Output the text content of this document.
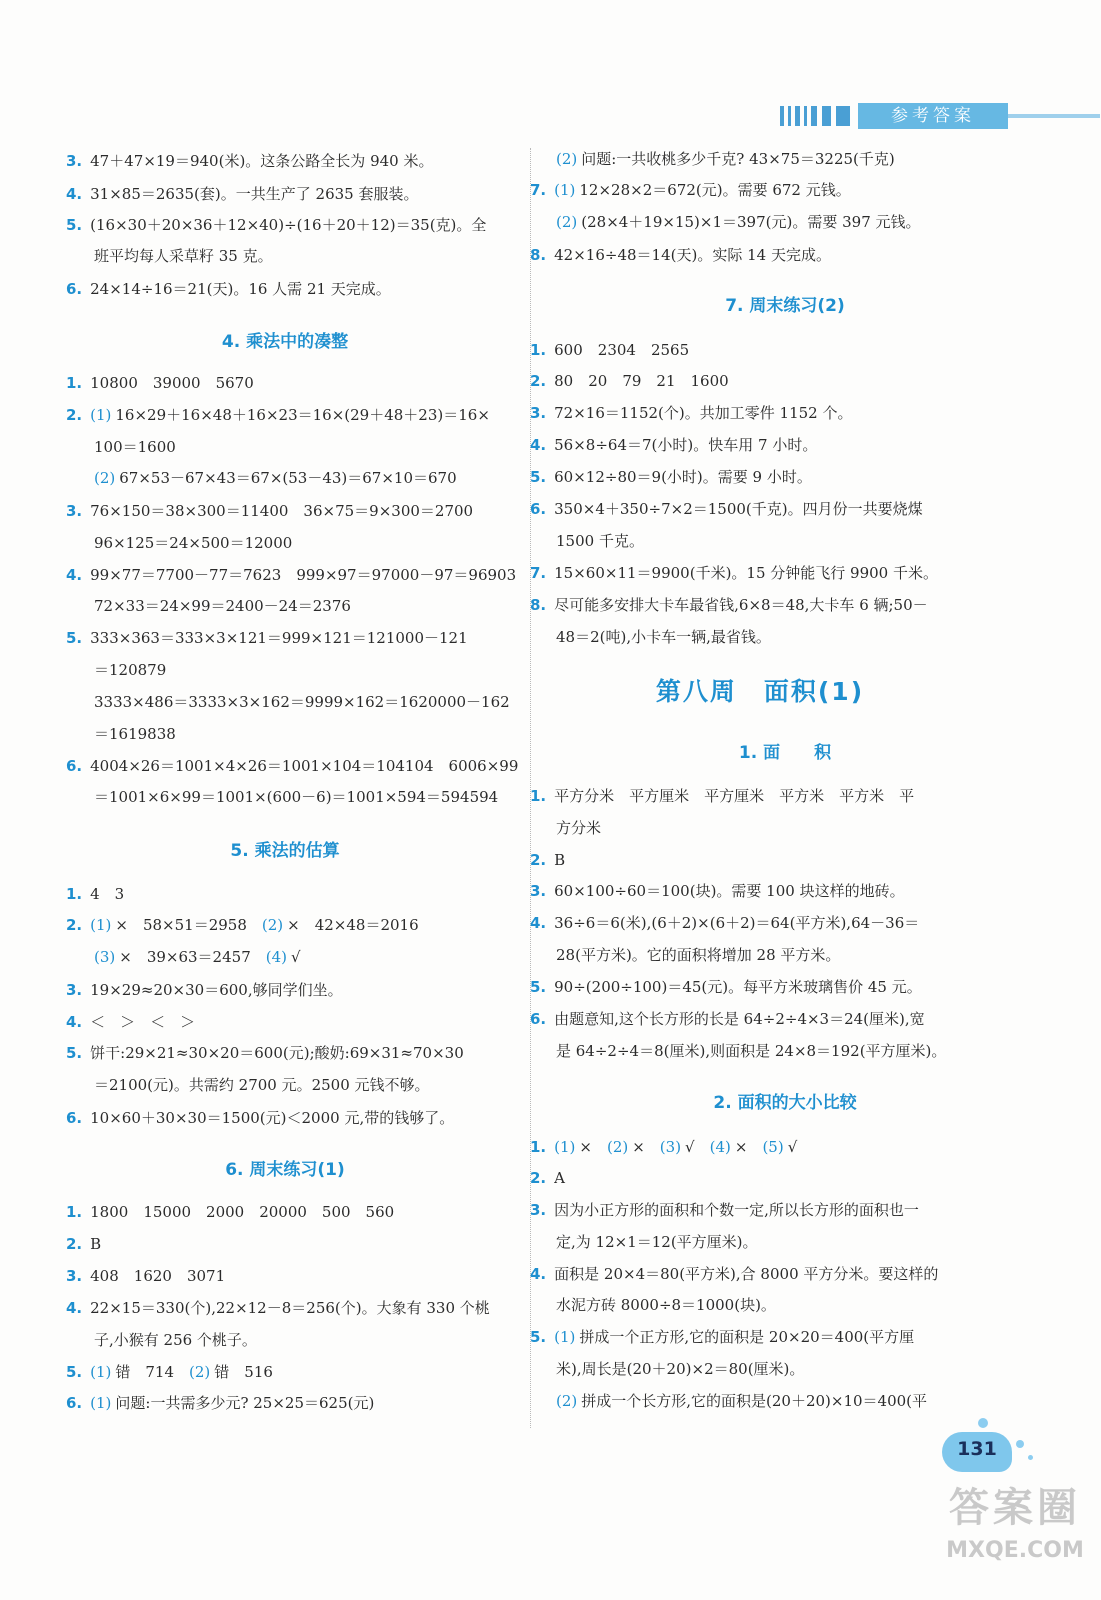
参考答案
3. 47＋47×19＝940(米)。这条公路全长为 940 米。
4. 31×85＝2635(套)。一共生产了 2635 套服装。
5. (16×30＋20×36＋12×40)÷(16＋20＋12)＝35(克)。全
班平均每人采草籽 35 克。
6. 24×14÷16＝21(天)。16 人需 21 天完成。
4. 乘法中的凑整
1. 10800　39000　5670
2. (1) 16×29＋16×48＋16×23＝16×(29＋48＋23)＝16×
100＝1600
(2) 67×53－67×43＝67×(53－43)＝67×10＝670
3. 76×150＝38×300＝11400　36×75＝9×300＝2700
96×125＝24×500＝12000
4. 99×77＝7700－77＝7623　999×97＝97000－97＝96903
72×33＝24×99＝2400－24＝2376
5. 333×363＝333×3×121＝999×121＝121000－121
＝120879
3333×486＝3333×3×162＝9999×162＝1620000－162
＝1619838
6. 4004×26＝1001×4×26＝1001×104＝104104　6006×99
＝1001×6×99＝1001×(600－6)＝1001×594＝594594
5. 乘法的估算
1. 4　3
2. (1) ×　58×51＝2958　(2) ×　42×48＝2016
(3) ×　39×63＝2457　(4) √
3. 19×29≈20×30＝600,够同学们坐。
4. ＜　＞　＜　＞
5. 饼干:29×21≈30×20＝600(元);酸奶:69×31≈70×30
＝2100(元)。共需约 2700 元。2500 元钱不够。
6. 10×60＋30×30＝1500(元)＜2000 元,带的钱够了。
6. 周末练习(1)
1. 1800　15000　2000　20000　500　560
2. B
3. 408　1620　3071
4. 22×15＝330(个),22×12－8＝256(个)。大象有 330 个桃
子,小猴有 256 个桃子。
5. (1) 错　714　(2) 错　516
6. (1) 问题:一共需多少元? 25×25＝625(元)
(2) 问题:一共收桃多少千克? 43×75＝3225(千克)
7. (1) 12×28×2＝672(元)。需要 672 元钱。
(2) (28×4＋19×15)×1＝397(元)。需要 397 元钱。
8. 42×16÷48＝14(天)。实际 14 天完成。
7. 周末练习(2)
1. 600　2304　2565
2. 80　20　79　21　1600
3. 72×16＝1152(个)。共加工零件 1152 个。
4. 56×8÷64＝7(小时)。快车用 7 小时。
5. 60×12÷80＝9(小时)。需要 9 小时。
6. 350×4＋350÷7×2＝1500(千克)。四月份一共要烧煤
1500 千克。
7. 15×60×11＝9900(千米)。15 分钟能飞行 9900 千米。
8. 尽可能多安排大卡车最省钱,6×8＝48,大卡车 6 辆;50－
48＝2(吨),小卡车一辆,最省钱。
第八周　面积(1)
1. 面　　积
1. 平方分米　平方厘米　平方厘米　平方米　平方米　平
方分米
2. B
3. 60×100÷60＝100(块)。需要 100 块这样的地砖。
4. 36÷6＝6(米),(6＋2)×(6＋2)＝64(平方米),64－36＝
28(平方米)。它的面积将增加 28 平方米。
5. 90÷(200÷100)＝45(元)。每平方米玻璃售价 45 元。
6. 由题意知,这个长方形的长是 64÷2÷4×3＝24(厘米),宽
是 64÷2÷4＝8(厘米),则面积是 24×8＝192(平方厘米)。
2. 面积的大小比较
1. (1) ×　(2) ×　(3) √　(4) ×　(5) √
2. A
3. 因为小正方形的面积和个数一定,所以长方形的面积也一
定,为 12×1＝12(平方厘米)。
4. 面积是 20×4＝80(平方米),合 8000 平方分米。要这样的
水泥方砖 8000÷8＝1000(块)。
5. (1) 拼成一个正方形,它的面积是 20×20＝400(平方厘
米),周长是(20＋20)×2＝80(厘米)。
(2) 拼成一个长方形,它的面积是(20＋20)×10＝400(平
131
答案圈
MXQE.COM
